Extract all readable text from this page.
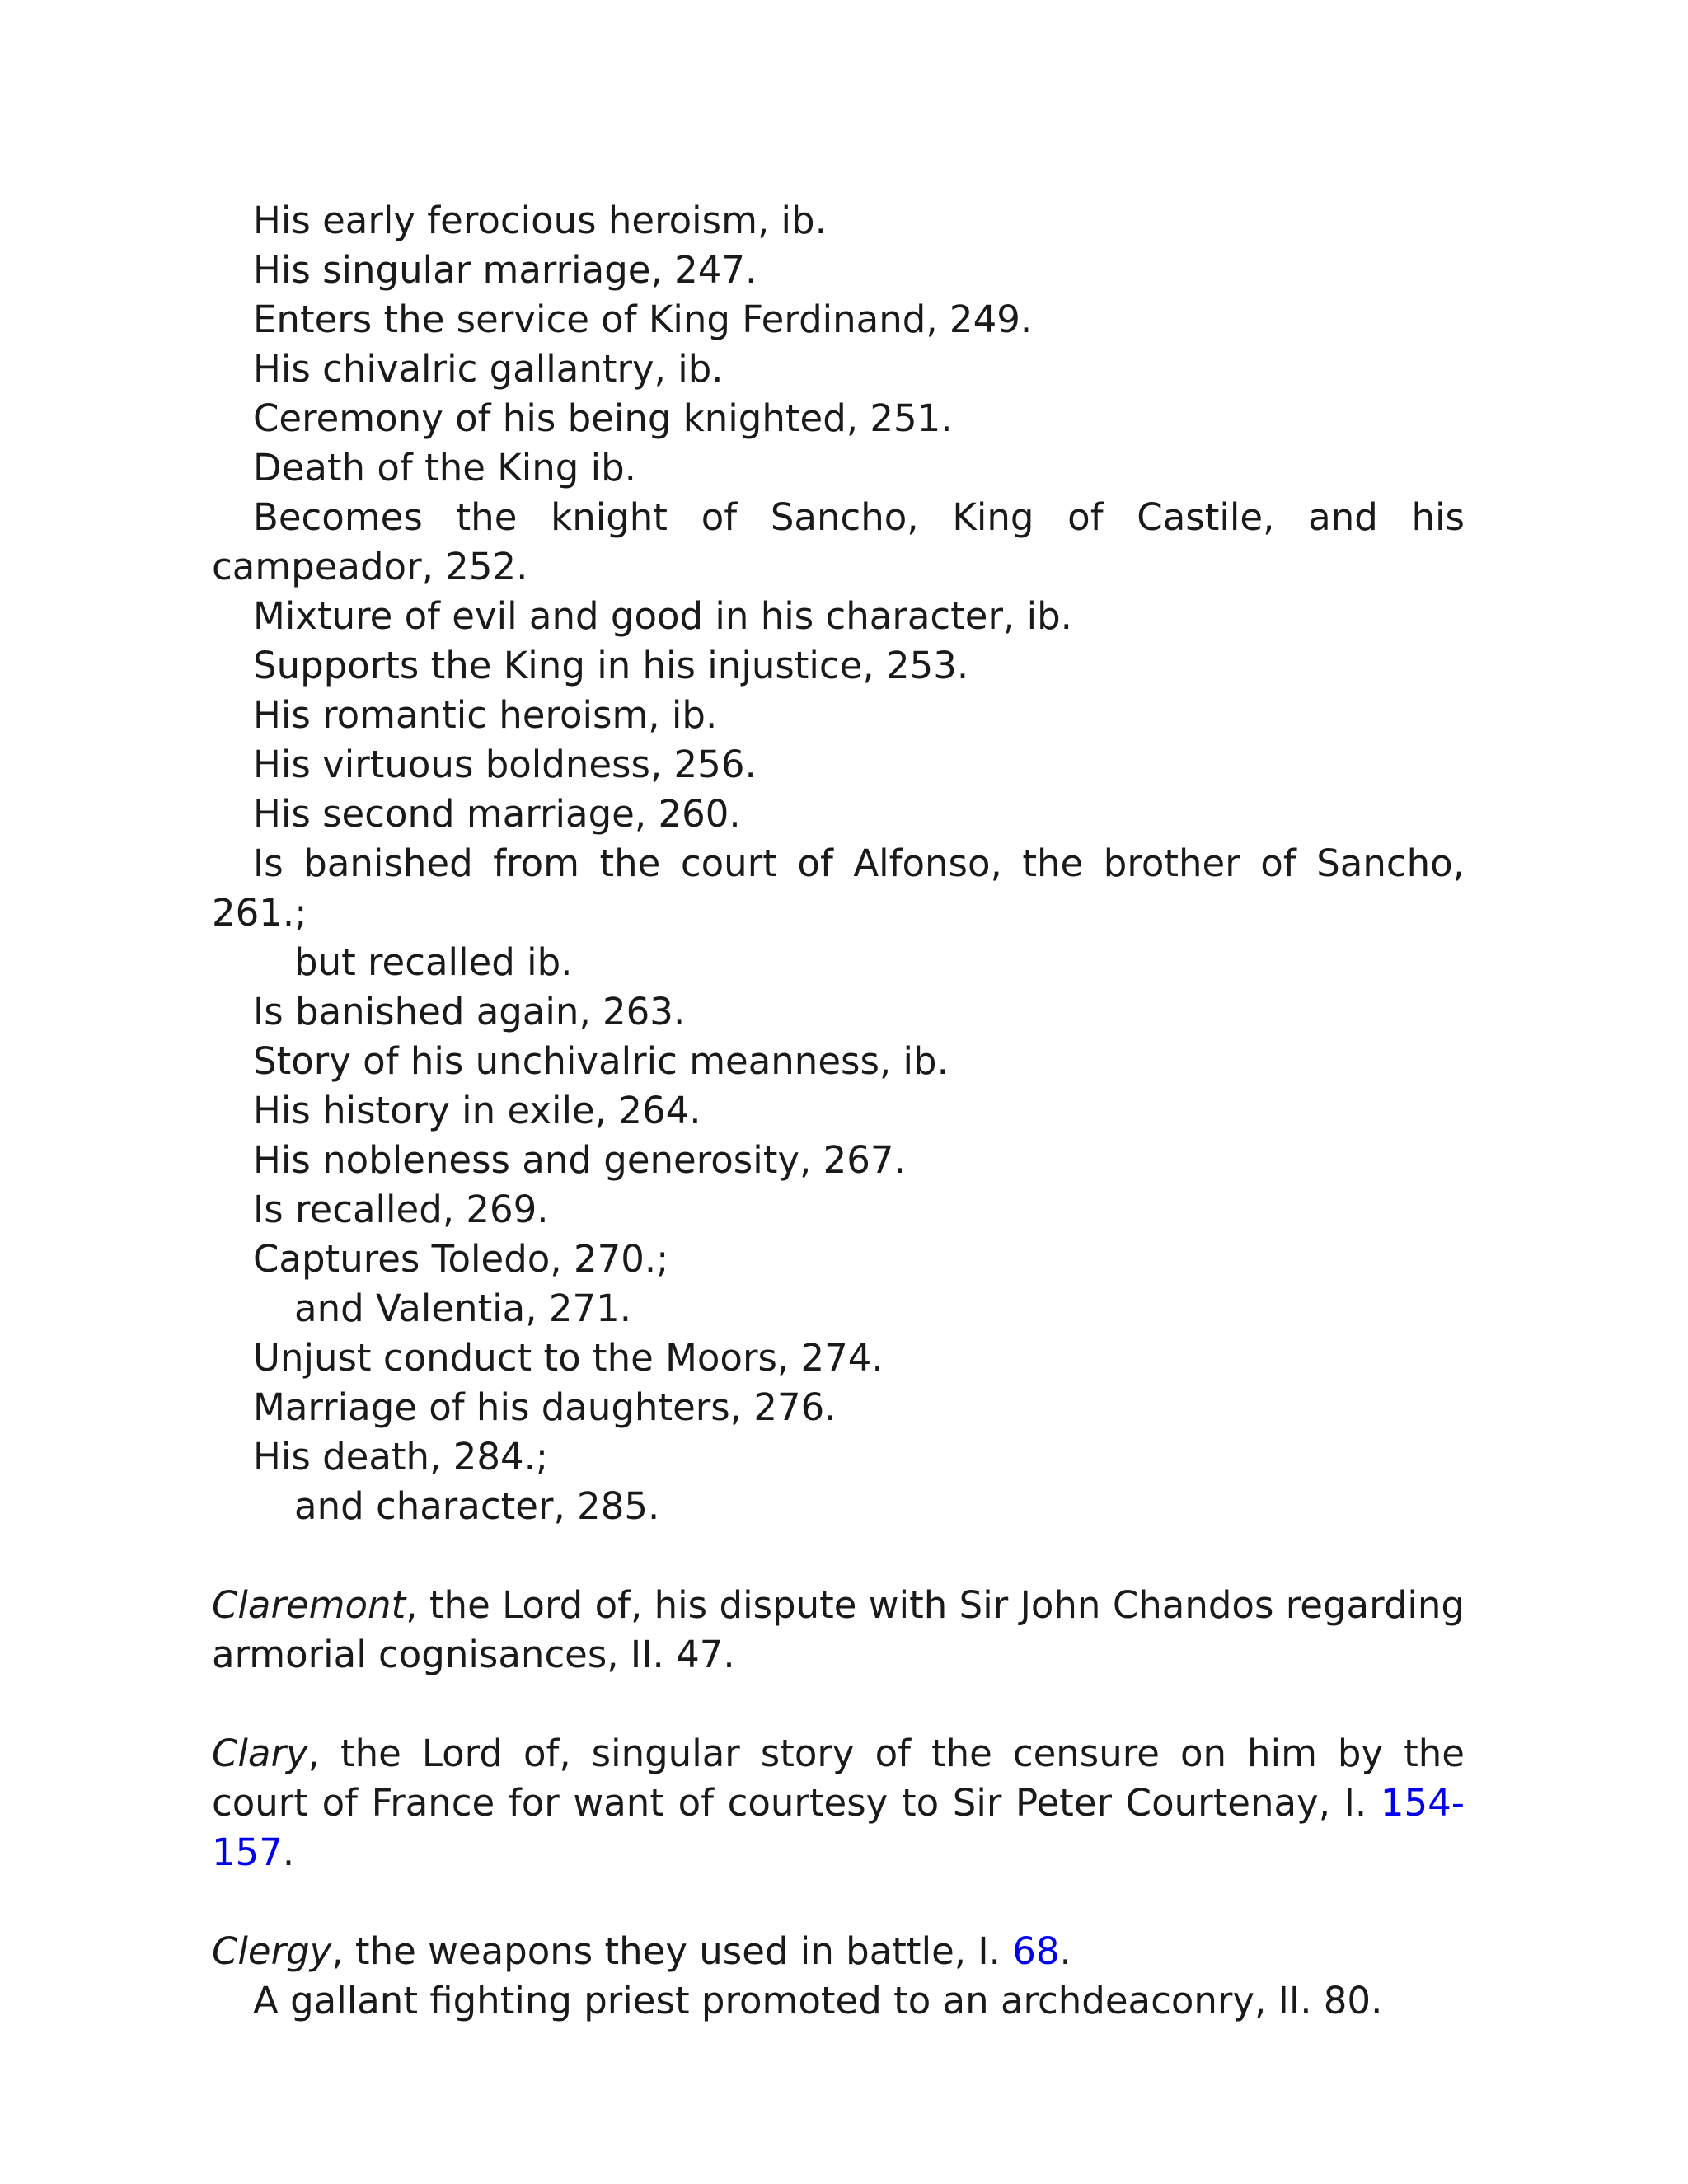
His early ferocious heroism, ib.
His singular marriage, 247.
Enters the service of King Ferdinand, 249.
His chivalric gallantry, ib.
Ceremony of his being knighted, 251.
Death of the King ib.
Becomes the knight of Sancho, King of Castile, and his campeador, 252.
Mixture of evil and good in his character, ib.
Supports the King in his injustice, 253.
His romantic heroism, ib.
His virtuous boldness, 256.
His second marriage, 260.
Is banished from the court of Alfonso, the brother of Sancho, 261.;
but recalled ib.
Is banished again, 263.
Story of his unchivalric meanness, ib.
His history in exile, 264.
His nobleness and generosity, 267.
Is recalled, 269.
Captures Toledo, 270.;
and Valentia, 271.
Unjust conduct to the Moors, 274.
Marriage of his daughters, 276.
His death, 284.;
and character, 285.
Claremont, the Lord of, his dispute with Sir John Chandos regarding armorial cognisances, II. 47.
Clary, the Lord of, singular story of the censure on him by the court of France for want of courtesy to Sir Peter Courtenay, I. 154-157.
Clergy, the weapons they used in battle, I. 68.
A gallant fighting priest promoted to an archdeaconry, II. 80.
